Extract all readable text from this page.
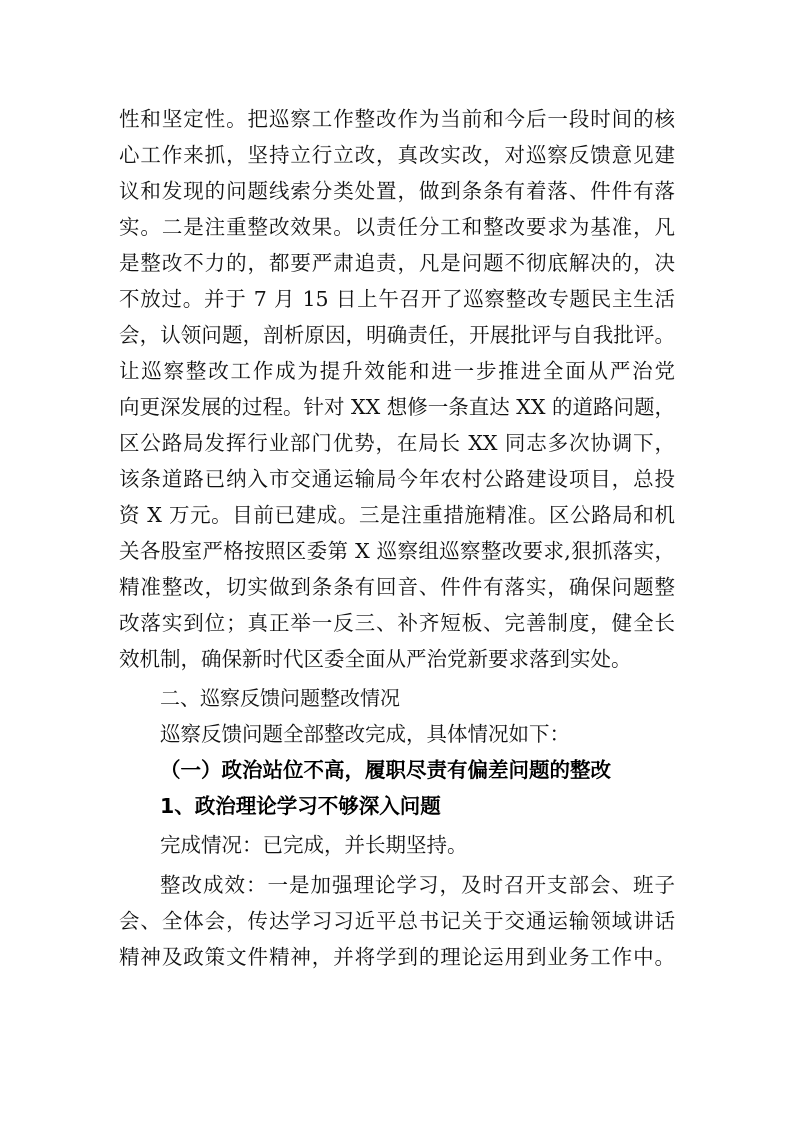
性和坚定性。把巡察工作整改作为当前和今后一段时间的核
心工作来抓，坚持立行立改，真改实改，对巡察反馈意见建
议和发现的问题线索分类处置，做到条条有着落、件件有落
实。二是注重整改效果。以责任分工和整改要求为基准，凡
是整改不力的，都要严肃追责，凡是问题不彻底解决的，决
不放过。并于 7 月 15 日上午召开了巡察整改专题民主生活
会，认领问题，剖析原因，明确责任，开展批评与自我批评。
让巡察整改工作成为提升效能和进一步推进全面从严治党
向更深发展的过程。针对 XX 想修一条直达 XX 的道路问题，
区公路局发挥行业部门优势，在局长 XX 同志多次协调下，
该条道路已纳入市交通运输局今年农村公路建设项目，总投
资 X 万元。目前已建成。三是注重措施精准。区公路局和机
关各股室严格按照区委第 X 巡察组巡察整改要求,狠抓落实，
精准整改，切实做到条条有回音、件件有落实，确保问题整
改落实到位；真正举一反三、补齐短板、完善制度，健全长
效机制，确保新时代区委全面从严治党新要求落到实处。
二、巡察反馈问题整改情况
巡察反馈问题全部整改完成，具体情况如下：
（一）政治站位不高，履职尽责有偏差问题的整改
1、政治理论学习不够深入问题
完成情况：已完成，并长期坚持。
整改成效：一是加强理论学习，及时召开支部会、班子
会、全体会，传达学习习近平总书记关于交通运输领域讲话
精神及政策文件精神，并将学到的理论运用到业务工作中。
